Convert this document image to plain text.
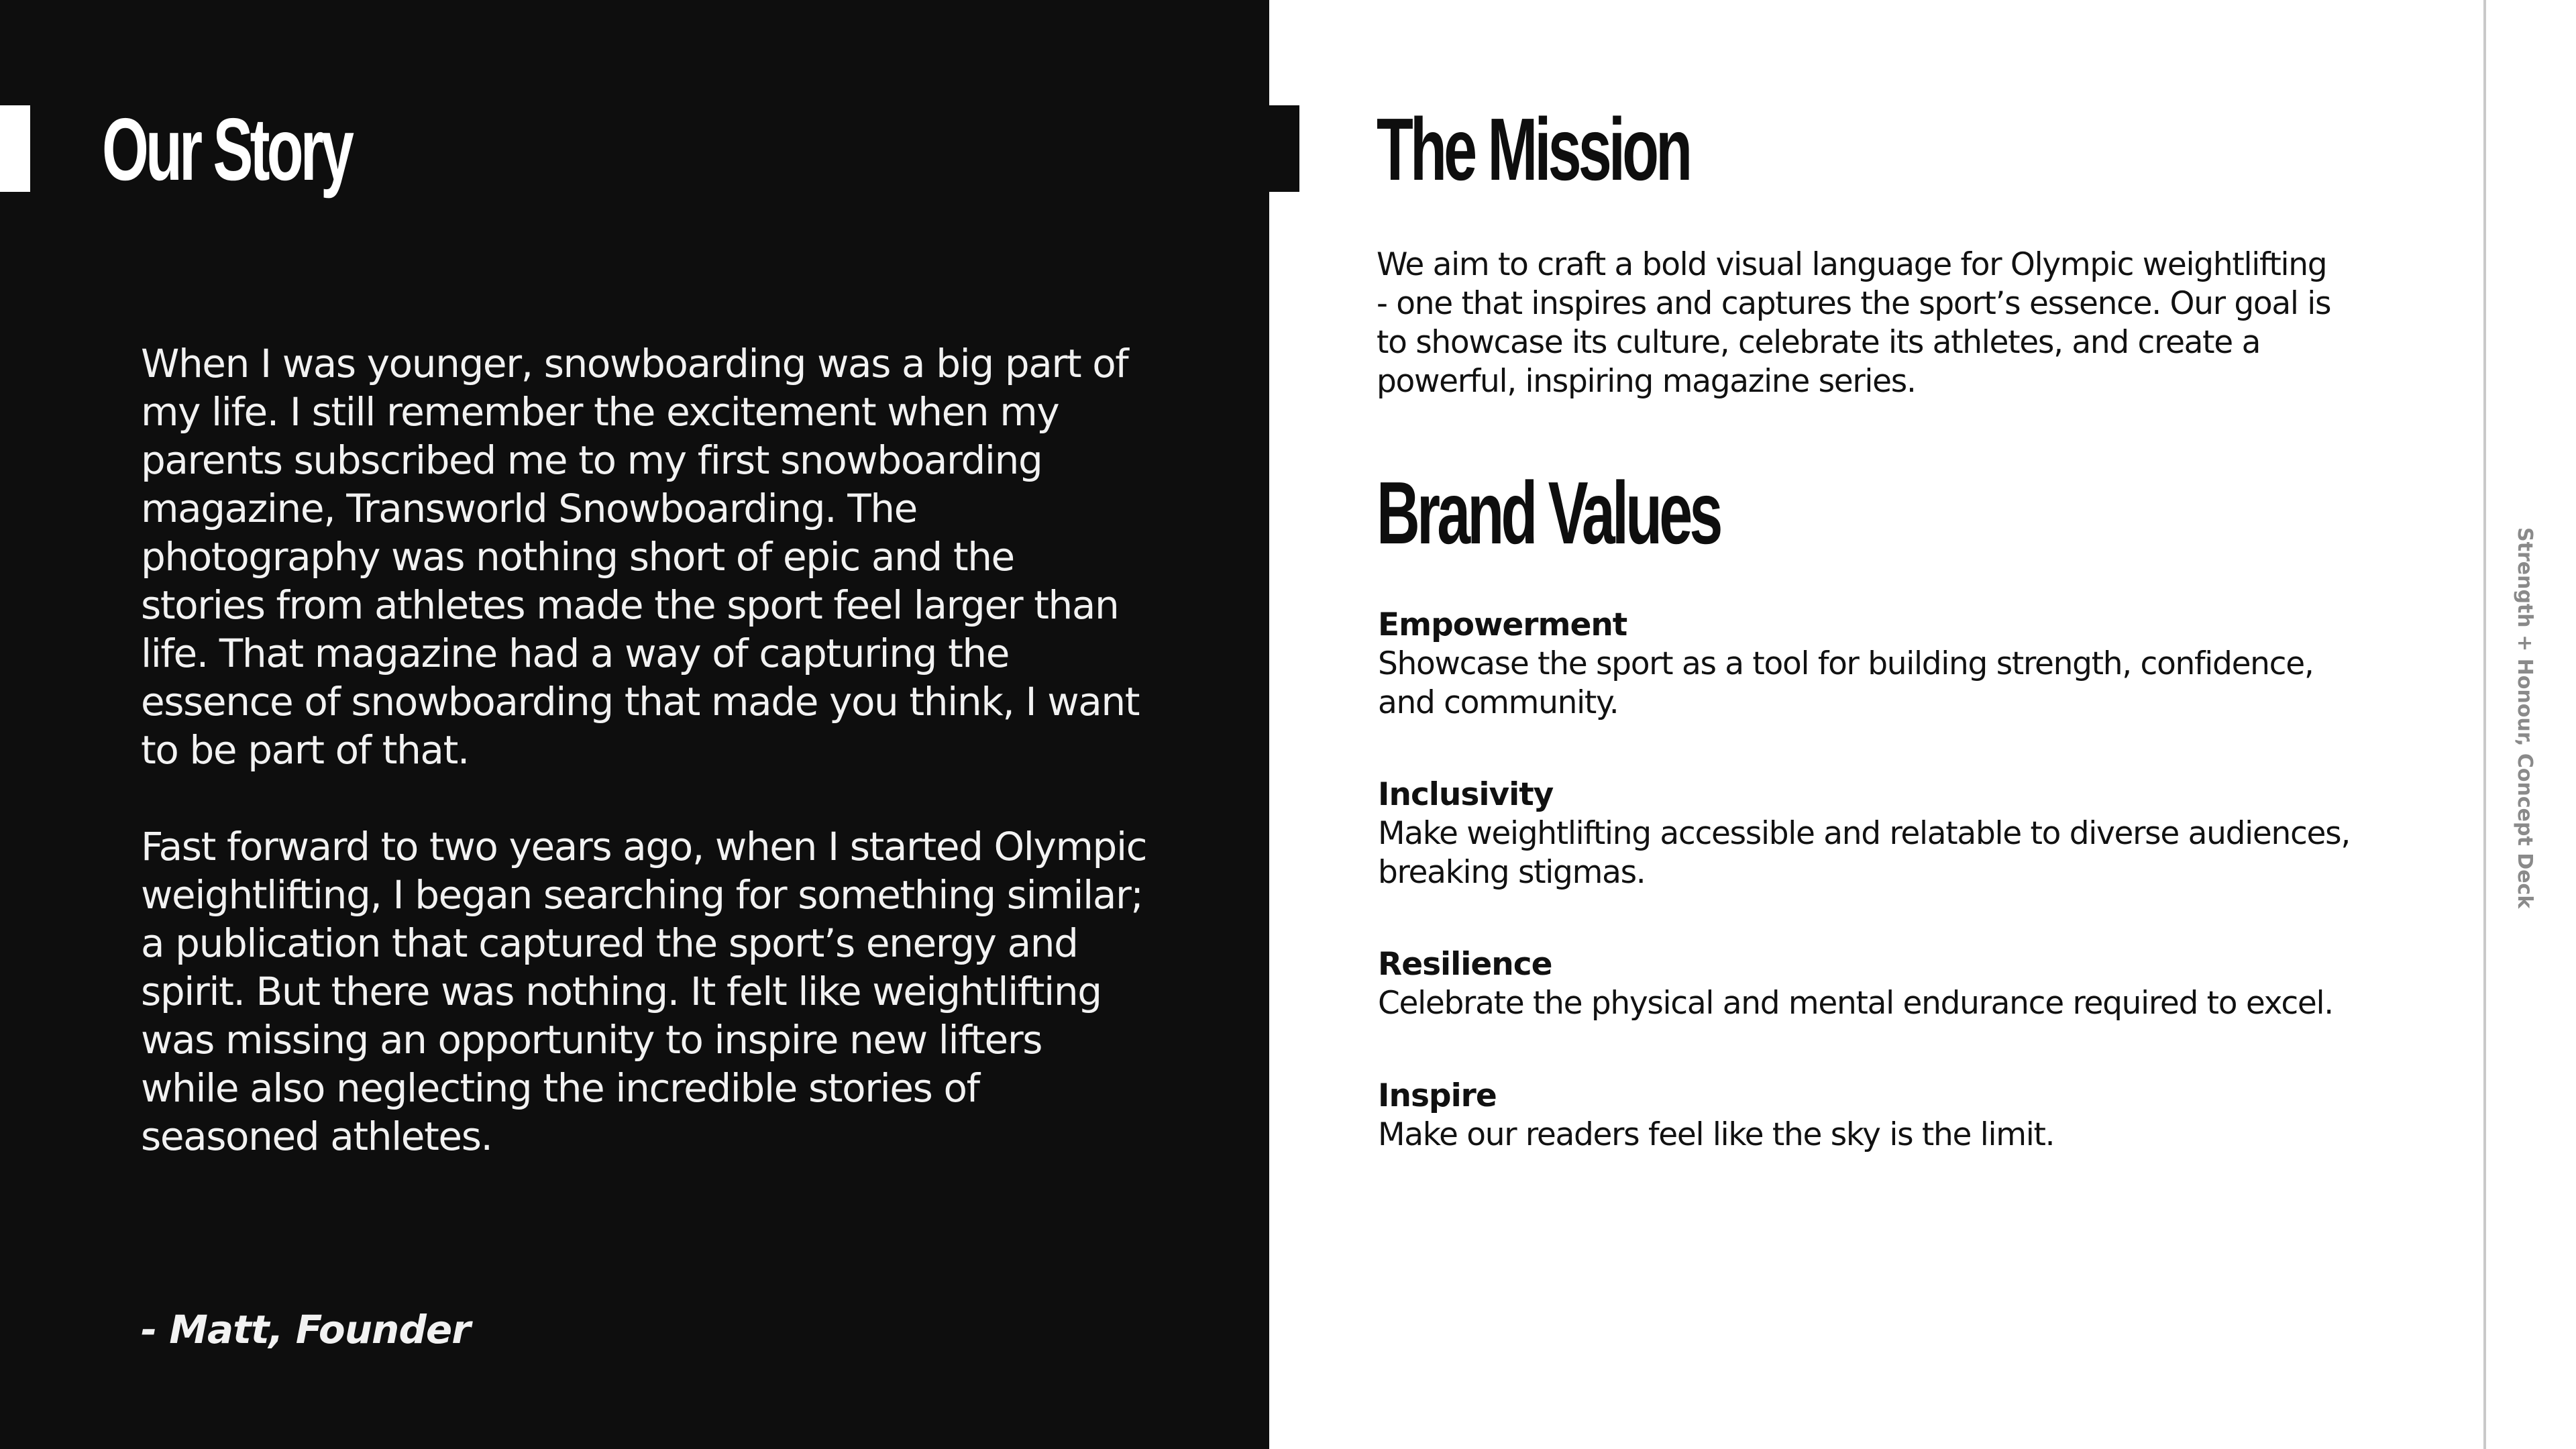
Our Story

When I was younger, snowboarding was a big part of my life. I still remember the excitement when my parents subscribed me to my first snowboarding magazine, Transworld Snowboarding. The photography was nothing short of epic and the stories from athletes made the sport feel larger than life. That magazine had a way of capturing the essence of snowboarding that made you think, I want to be part of that.

Fast forward to two years ago, when I started Olympic weightlifting, I began searching for something similar; a publication that captured the sport’s energy and spirit. But there was nothing. It felt like weightlifting was missing an opportunity to inspire new lifters while also neglecting the incredible stories of seasoned athletes.

- Matt, Founder

The Mission

We aim to craft a bold visual language for Olympic weightlifting - one that inspires and captures the sport’s essence. Our goal is to showcase its culture, celebrate its athletes, and create a powerful, inspiring magazine series.

Brand Values
Empowerment
Showcase the sport as a tool for building strength, confidence, and community.
Inclusivity
Make weightlifting accessible and relatable to diverse audiences, breaking stigmas.
Resilience
Celebrate the physical and mental endurance required to excel.
Inspire
Make our readers feel like the sky is the limit.
Strength + Honour, Concept Deck
